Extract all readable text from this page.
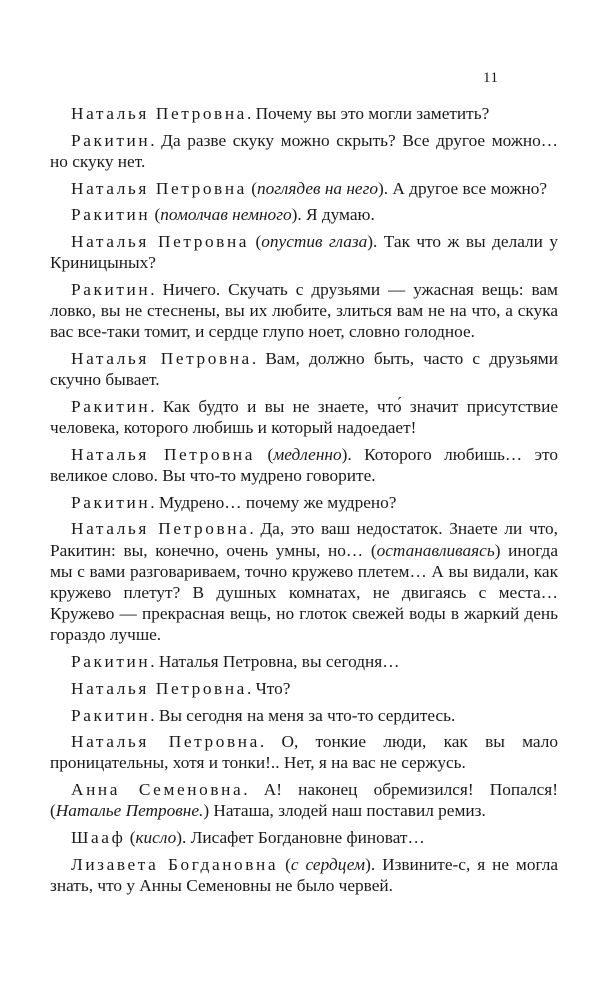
11

Наталья Петровна. Почему вы это могли заметить?

Ракитин. Да разве скуку можно скрыть? Все другое можно… но скуку нет.

Наталья Петровна (поглядев на него). А другое все можно?

Ракитин (помолчав немного). Я думаю.

Наталья Петровна (опустив глаза). Так что ж вы делали у Криницыных?

Ракитин. Ничего. Скучать с друзьями — ужасная вещь: вам ловко, вы не стеснены, вы их любите, злиться вам не на что, а скука вас все-таки томит, и сердце глупо ноет, словно голодное.

Наталья Петровна. Вам, должно быть, часто с друзьями скучно бывает.

Ракитин. Как будто и вы не знаете, что́ значит присутствие человека, которого любишь и который надоедает!

Наталья Петровна (медленно). Которого любишь… это великое слово. Вы что-то мудрено говорите.

Ракитин. Мудрено… почему же мудрено?

Наталья Петровна. Да, это ваш недостаток. Знаете ли что, Ракитин: вы, конечно, очень умны, но… (останавливаясь) иногда мы с вами разговариваем, точно кружево плетем… А вы видали, как кружево плетут? В душных комнатах, не двигаясь с места… Кружево — прекрасная вещь, но глоток свежей воды в жаркий день гораздо лучше.

Ракитин. Наталья Петровна, вы сегодня…

Наталья Петровна. Что?

Ракитин. Вы сегодня на меня за что-то сердитесь.

Наталья Петровна. О, тонкие люди, как вы мало проницательны, хотя и тонки!.. Нет, я на вас не сержусь.

Анна Семеновна. А! наконец обремизился! Попался! (Наталье Петровне.) Наташа, злодей наш поставил ремиз.

Шааф (кисло). Лисафет Богдановне финоват…

Лизавета Богдановна (с сердцем). Извините-с, я не могла знать, что у Анны Семеновны не было червей.
